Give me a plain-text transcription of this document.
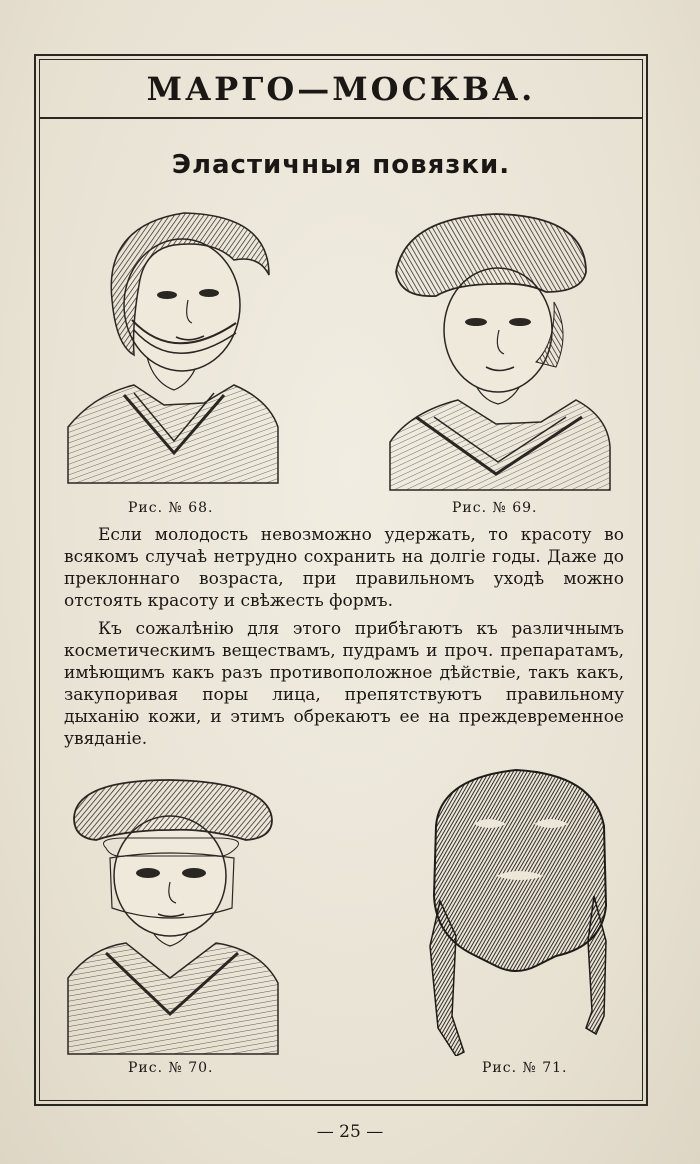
МАРГО—МОСКВА.
Эластичныя повязки.
Рис. № 68.	Рис. № 69.

Если молодость невозможно удержать, то красоту во всякомъ случаѣ нетрудно сохранить на долгіе годы. Даже до преклоннаго возраста, при правильномъ уходѣ можно отстоять красоту и свѣжесть формъ.

Къ сожалѣнію для этого прибѣгаютъ къ различнымъ косметическимъ веществамъ, пудрамъ и проч. препаратамъ, имѣющимъ какъ разъ противоположное дѣйствіе, такъ какъ, закупоривая поры лица, препятствуютъ правильному дыханію кожи, и этимъ обрекаютъ ее на преждевременное увяданіе.

Рис. № 70.	Рис. № 71.
— 25 —
